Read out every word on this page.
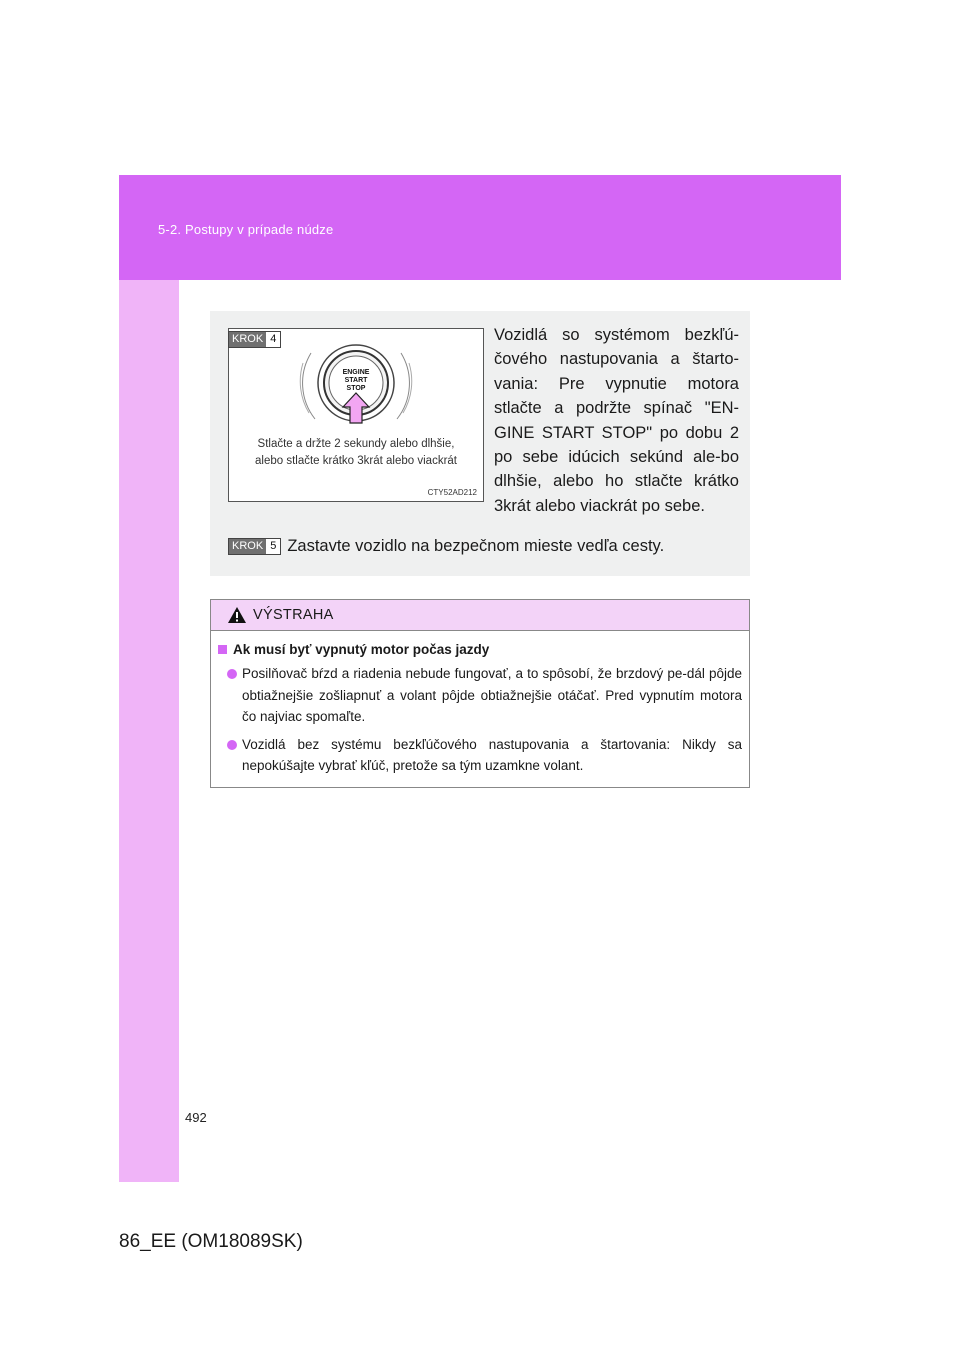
5-2. Postupy v prípade núdze
KROK 4
ENGINE
START
STOP
Stlačte a držte 2 sekundy alebo dlhšie,
alebo stlačte krátko 3krát alebo viackrát
CTY52AD212
Vozidlá so systémom bezkľú-čového nastupovania a štarto-vania: Pre vypnutie motora stlačte a podržte spínač "EN-GINE START STOP" po dobu 2 po sebe idúcich sekúnd ale-bo dlhšie, alebo ho stlačte krátko 3krát alebo viackrát po sebe.
KROK 5 Zastavte vozidlo na bezpečnom mieste vedľa cesty.
VÝSTRAHA
Ak musí byť vypnutý motor počas jazdy
Posilňovač bŕzd a riadenia nebude fungovať, a to spôsobí, že brzdový pe-dál pôjde obtiažnejšie zošliapnuť a volant pôjde obtiažnejšie otáčať. Pred vypnutím motora čo najviac spomaľte.
Vozidlá bez systému bezkľúčového nastupovania a štartovania: Nikdy sa nepokúšajte vybrať kľúč, pretože sa tým uzamkne volant.
492
86_EE (OM18089SK)
